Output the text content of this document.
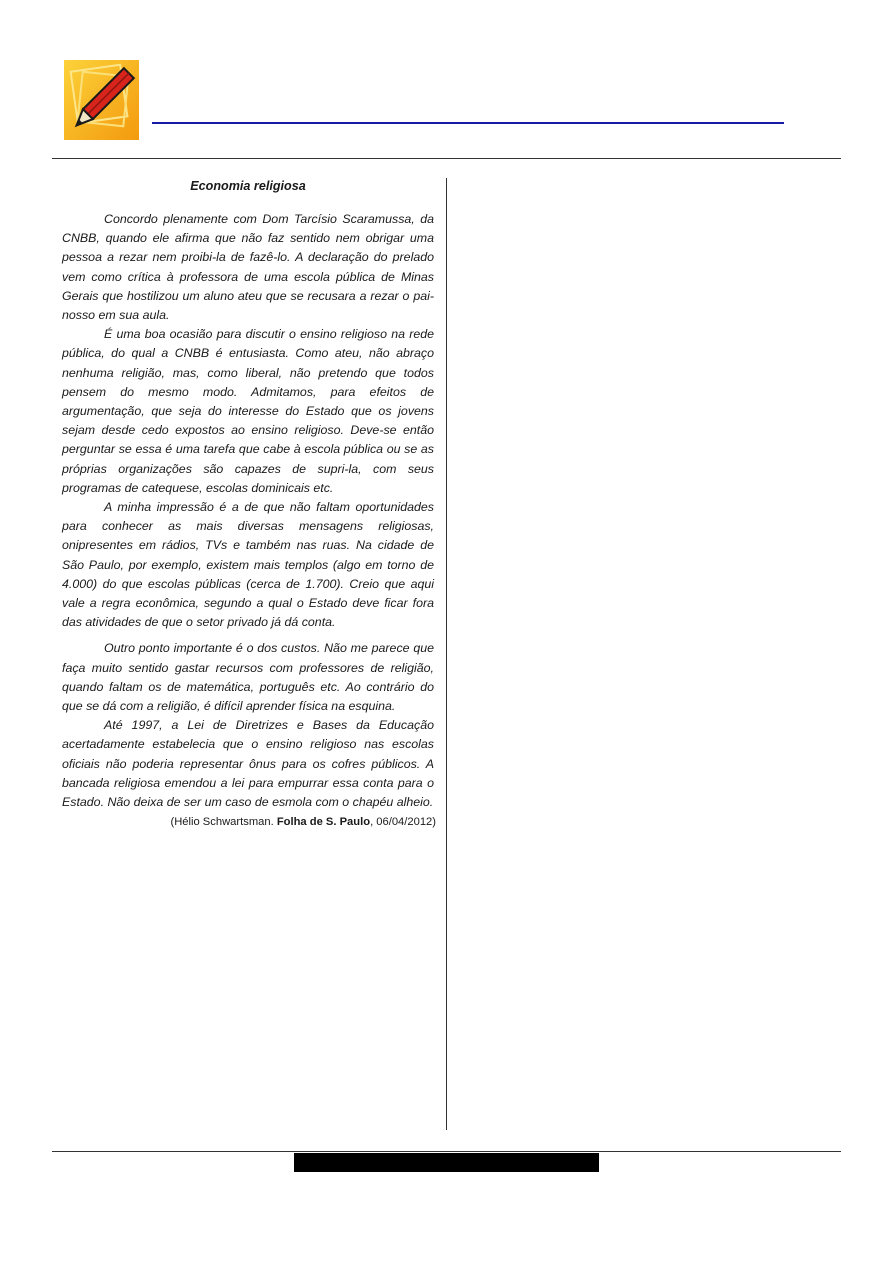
Economia religiosa

Concordo plenamente com Dom Tarcísio Scaramussa, da CNBB, quando ele afirma que não faz sentido nem obrigar uma pessoa a rezar nem proibi-la de fazê-lo. A declaração do prelado vem como crítica à professora de uma escola pública de Minas Gerais que hostilizou um aluno ateu que se recusara a rezar o pai-nosso em sua aula.

É uma boa ocasião para discutir o ensino religioso na rede pública, do qual a CNBB é entusiasta. Como ateu, não abraço nenhuma religião, mas, como liberal, não pretendo que todos pensem do mesmo modo. Admitamos, para efeitos de argumentação, que seja do interesse do Estado que os jovens sejam desde cedo expostos ao ensino religioso. Deve-se então perguntar se essa é uma tarefa que cabe à escola pública ou se as próprias organizações são capazes de supri-la, com seus programas de catequese, escolas dominicais etc.

A minha impressão é a de que não faltam oportunidades para conhecer as mais diversas mensagens religiosas, onipresentes em rádios, TVs e também nas ruas. Na cidade de São Paulo, por exemplo, existem mais templos (algo em torno de 4.000) do que escolas públicas (cerca de 1.700). Creio que aqui vale a regra econômica, segundo a qual o Estado deve ficar fora das atividades de que o setor privado já dá conta.

Outro ponto importante é o dos custos. Não me parece que faça muito sentido gastar recursos com professores de religião, quando faltam os de matemática, português etc. Ao contrário do que se dá com a religião, é difícil aprender física na esquina.

Até 1997, a Lei de Diretrizes e Bases da Educação acertadamente estabelecia que o ensino religioso nas escolas oficiais não poderia representar ônus para os cofres públicos. A bancada religiosa emendou a lei para empurrar essa conta para o Estado. Não deixa de ser um caso de esmola com o chapéu alheio.

(Hélio Schwartsman. Folha de S. Paulo, 06/04/2012)
